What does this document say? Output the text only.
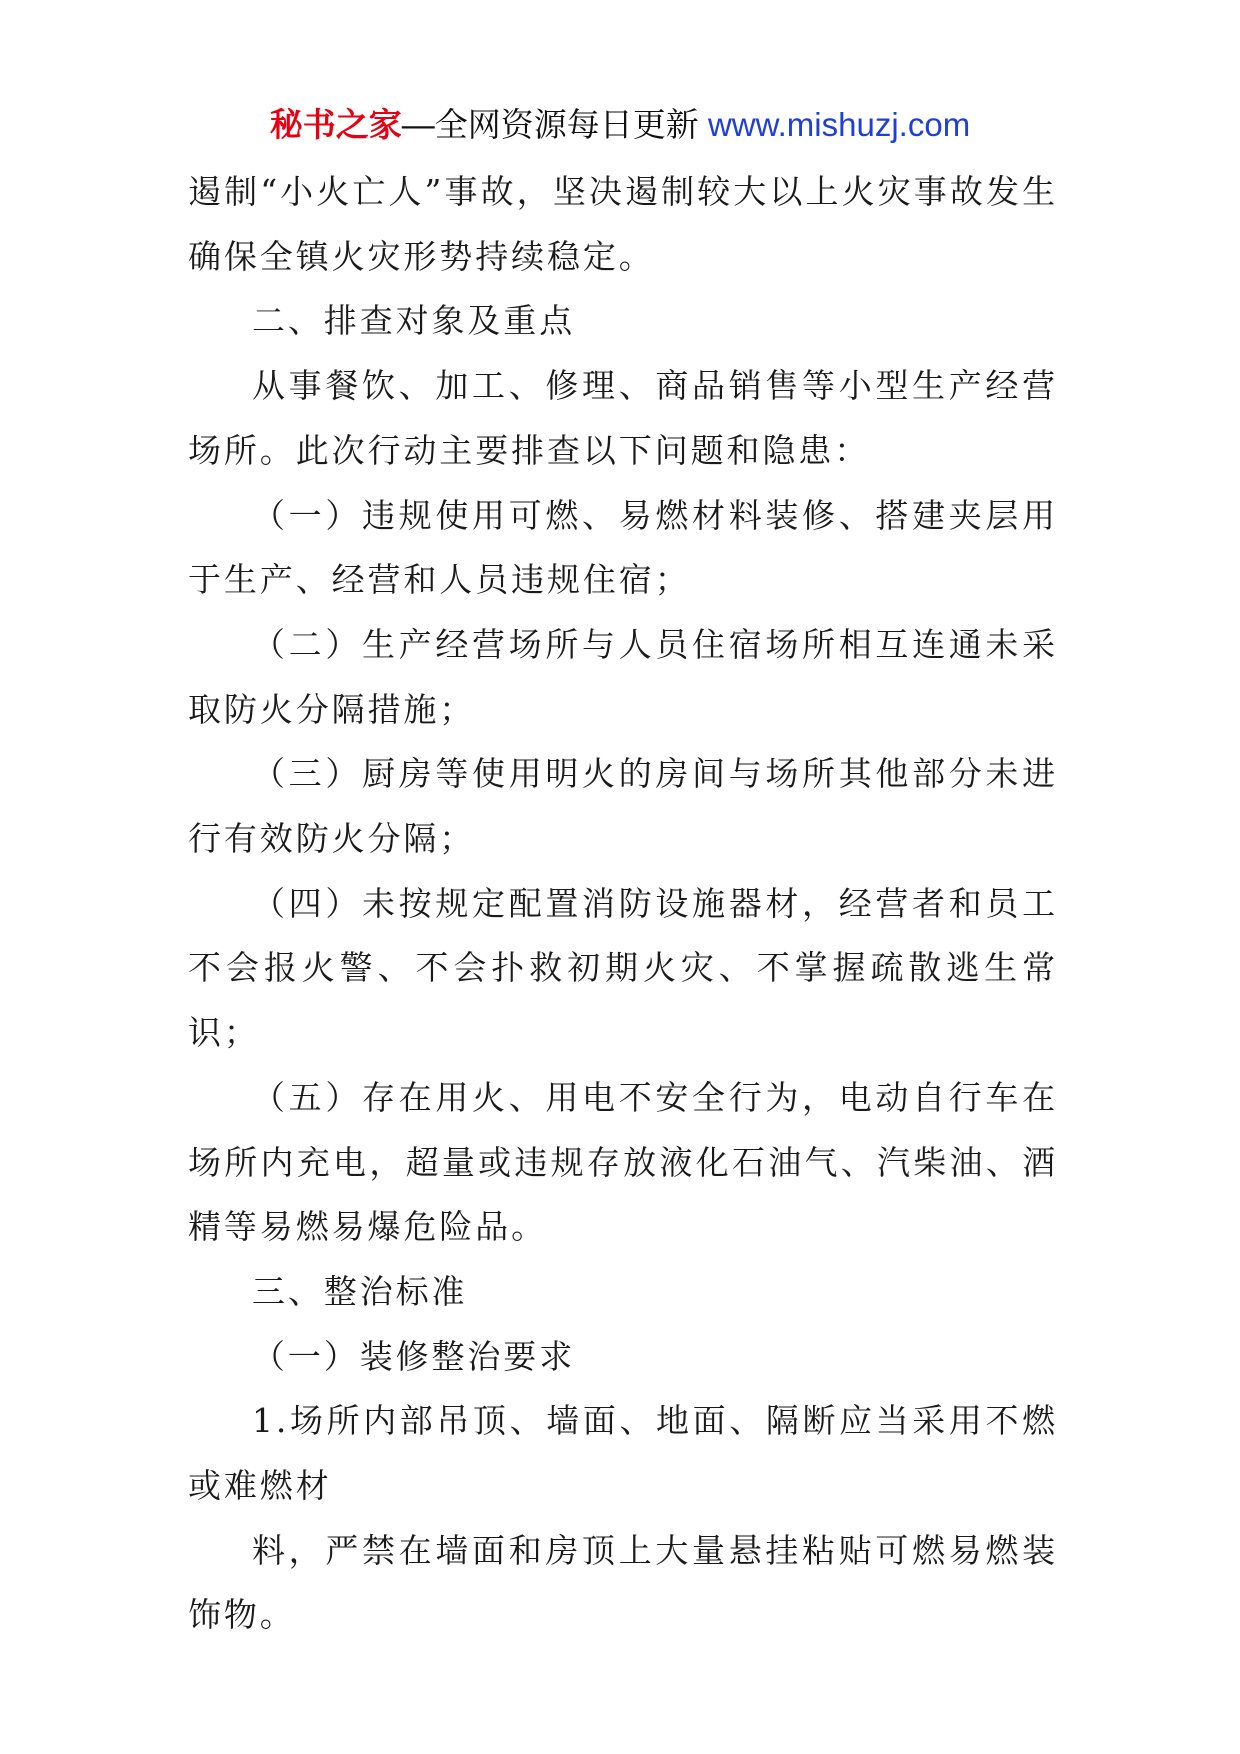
秘书之家—全网资源每日更新 www.mishuzj.com

遏制“小火亡人”事故，坚决遏制较大以上火灾事故发生确保全镇火灾形势持续稳定。

二、排查对象及重点

从事餐饮、加工、修理、商品销售等小型生产经营场所。此次行动主要排查以下问题和隐患：

（一）违规使用可燃、易燃材料装修、搭建夹层用于生产、经营和人员违规住宿；

（二）生产经营场所与人员住宿场所相互连通未采取防火分隔措施；

（三）厨房等使用明火的房间与场所其他部分未进行有效防火分隔；

（四）未按规定配置消防设施器材，经营者和员工不会报火警、不会扑救初期火灾、不掌握疏散逃生常识；

（五）存在用火、用电不安全行为，电动自行车在场所内充电，超量或违规存放液化石油气、汽柴油、酒精等易燃易爆危险品。

三、整治标准

（一）装修整治要求

1.场所内部吊顶、墙面、地面、隔断应当采用不燃或难燃材

料，严禁在墙面和房顶上大量悬挂粘贴可燃易燃装饰物。
